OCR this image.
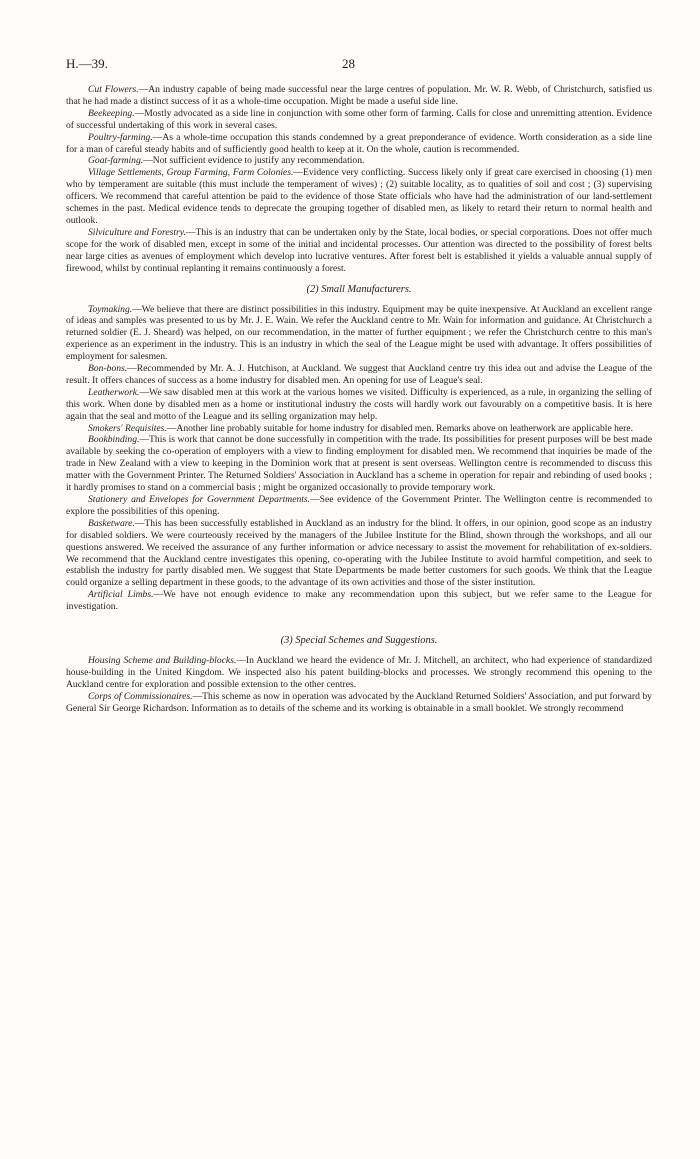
H.—39.	28

Cut Flowers.—An industry capable of being made successful near the large centres of population. Mr. W. R. Webb, of Christchurch, satisfied us that he had made a distinct success of it as a whole-time occupation. Might be made a useful side line.

Beekeeping.—Mostly advocated as a side line in conjunction with some other form of farming. Calls for close and unremitting attention. Evidence of successful undertaking of this work in several cases.

Poultry-farming.—As a whole-time occupation this stands condemned by a great preponderance of evidence. Worth consideration as a side line for a man of careful steady habits and of sufficiently good health to keep at it. On the whole, caution is recommended.

Goat-farming.—Not sufficient evidence to justify any recommendation.

Village Settlements, Group Farming, Farm Colonies.—Evidence very conflicting. Success likely only if great care exercised in choosing (1) men who by temperament are suitable (this must include the temperament of wives) ; (2) suitable locality, as to qualities of soil and cost ; (3) supervising officers. We recommend that careful attention be paid to the evidence of those State officials who have had the administration of our land-settlement schemes in the past. Medical evidence tends to deprecate the grouping together of disabled men, as likely to retard their return to normal health and outlook.

Silviculture and Forestry.—This is an industry that can be undertaken only by the State, local bodies, or special corporations. Does not offer much scope for the work of disabled men, except in some of the initial and incidental processes. Our attention was directed to the possibility of forest belts near large cities as avenues of employment which develop into lucrative ventures. After forest belt is established it yields a valuable annual supply of firewood, whilst by continual replanting it remains continuously a forest.

(2) Small Manufacturers.

Toymaking.—We believe that there are distinct possibilities in this industry. Equipment may be quite inexpensive. At Auckland an excellent range of ideas and samples was presented to us by Mr. J. E. Wain. We refer the Auckland centre to Mr. Wain for information and guidance. At Christchurch a returned soldier (E. J. Sheard) was helped, on our recommendation, in the matter of further equipment ; we refer the Christchurch centre to this man's experience as an experiment in the industry. This is an industry in which the seal of the League might be used with advantage. It offers possibilities of employment for salesmen.

Bon-bons.—Recommended by Mr. A. J. Hutchison, at Auckland. We suggest that Auckland centre try this idea out and advise the League of the result. It offers chances of success as a home industry for disabled men. An opening for use of League's seal.

Leatherwork.—We saw disabled men at this work at the various homes we visited. Difficulty is experienced, as a rule, in organizing the selling of this work. When done by disabled men as a home or institutional industry the costs will hardly work out favourably on a competitive basis. It is here again that the seal and motto of the League and its selling organization may help.

Smokers' Requisites.—Another line probably suitable for home industry for disabled men. Remarks above on leatherwork are applicable here.

Bookbinding.—This is work that cannot be done successfully in competition with the trade. Its possibilities for present purposes will be best made available by seeking the co-operation of employers with a view to finding employment for disabled men. We recommend that inquiries be made of the trade in New Zealand with a view to keeping in the Dominion work that at present is sent overseas. Wellington centre is recommended to discuss this matter with the Government Printer. The Returned Soldiers' Association in Auckland has a scheme in operation for repair and rebinding of used books ; it hardly promises to stand on a commercial basis ; might be organized occasionally to provide temporary work.

Stationery and Envelopes for Government Departments.—See evidence of the Government Printer. The Wellington centre is recommended to explore the possibilities of this opening.

Basketware.—This has been successfully established in Auckland as an industry for the blind. It offers, in our opinion, good scope as an industry for disabled soldiers. We were courteously received by the managers of the Jubilee Institute for the Blind, shown through the workshops, and all our questions answered. We received the assurance of any further information or advice necessary to assist the movement for rehabilitation of ex-soldiers. We recommend that the Auckland centre investigates this opening, co-operating with the Jubilee Institute to avoid harmful competition, and seek to establish the industry for partly disabled men. We suggest that State Departments be made better customers for such goods. We think that the League could organize a selling department in these goods, to the advantage of its own activities and those of the sister institution.

Artificial Limbs.—We have not enough evidence to make any recommendation upon this subject, but we refer same to the League for investigation.

(3) Special Schemes and Suggestions.

Housing Scheme and Building-blocks.—In Auckland we heard the evidence of Mr. J. Mitchell, an architect, who had experience of standardized house-building in the United Kingdom. We inspected also his patent building-blocks and processes. We strongly recommend this opening to the Auckland centre for exploration and possible extension to the other centres.

Corps of Commissionaires.—This scheme as now in operation was advocated by the Auckland Returned Soldiers' Association, and put forward by General Sir George Richardson. Information as to details of the scheme and its working is obtainable in a small booklet. We strongly recommend
